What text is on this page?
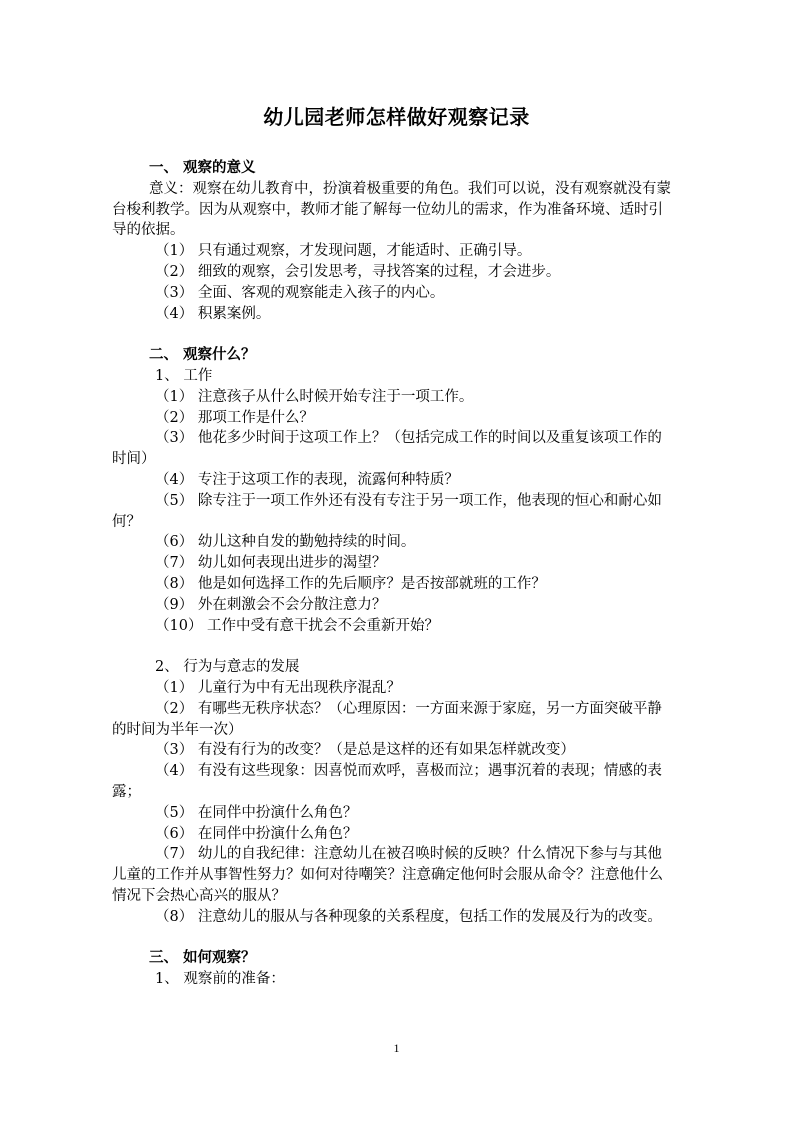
幼儿园老师怎样做好观察记录

一、 观察的意义

意义：观察在幼儿教育中，扮演着极重要的角色。我们可以说，没有观察就没有蒙台梭利教学。因为从观察中，教师才能了解每一位幼儿的需求，作为准备环境、适时引导的依据。

（1） 只有通过观察，才发现问题，才能适时、正确引导。

（2） 细致的观察，会引发思考，寻找答案的过程，才会进步。

（3） 全面、客观的观察能走入孩子的内心。

（4） 积累案例。

二、 观察什么？

1、 工作

（1） 注意孩子从什么时候开始专注于一项工作。

（2） 那项工作是什么？

（3） 他花多少时间于这项工作上？（包括完成工作的时间以及重复该项工作的时间）

（4） 专注于这项工作的表现，流露何种特质？

（5） 除专注于一项工作外还有没有专注于另一项工作，他表现的恒心和耐心如何？

（6） 幼儿这种自发的勤勉持续的时间。

（7） 幼儿如何表现出进步的渴望？

（8） 他是如何选择工作的先后顺序？是否按部就班的工作？

（9） 外在刺激会不会分散注意力？

（10） 工作中受有意干扰会不会重新开始？

2、 行为与意志的发展

（1） 儿童行为中有无出现秩序混乱？

（2） 有哪些无秩序状态？（心理原因：一方面来源于家庭，另一方面突破平静的时间为半年一次）

（3） 有没有行为的改变？（是总是这样的还有如果怎样就改变）

（4） 有没有这些现象：因喜悦而欢呼，喜极而泣；遇事沉着的表现；情感的表露；

（5） 在同伴中扮演什么角色？

（6） 在同伴中扮演什么角色？

（7） 幼儿的自我纪律：注意幼儿在被召唤时候的反映？什么情况下参与与其他儿童的工作并从事智性努力？如何对待嘲笑？注意确定他何时会服从命令？注意他什么情况下会热心高兴的服从？

（8） 注意幼儿的服从与各种现象的关系程度，包括工作的发展及行为的改变。

三、 如何观察？

1、 观察前的准备：

1
